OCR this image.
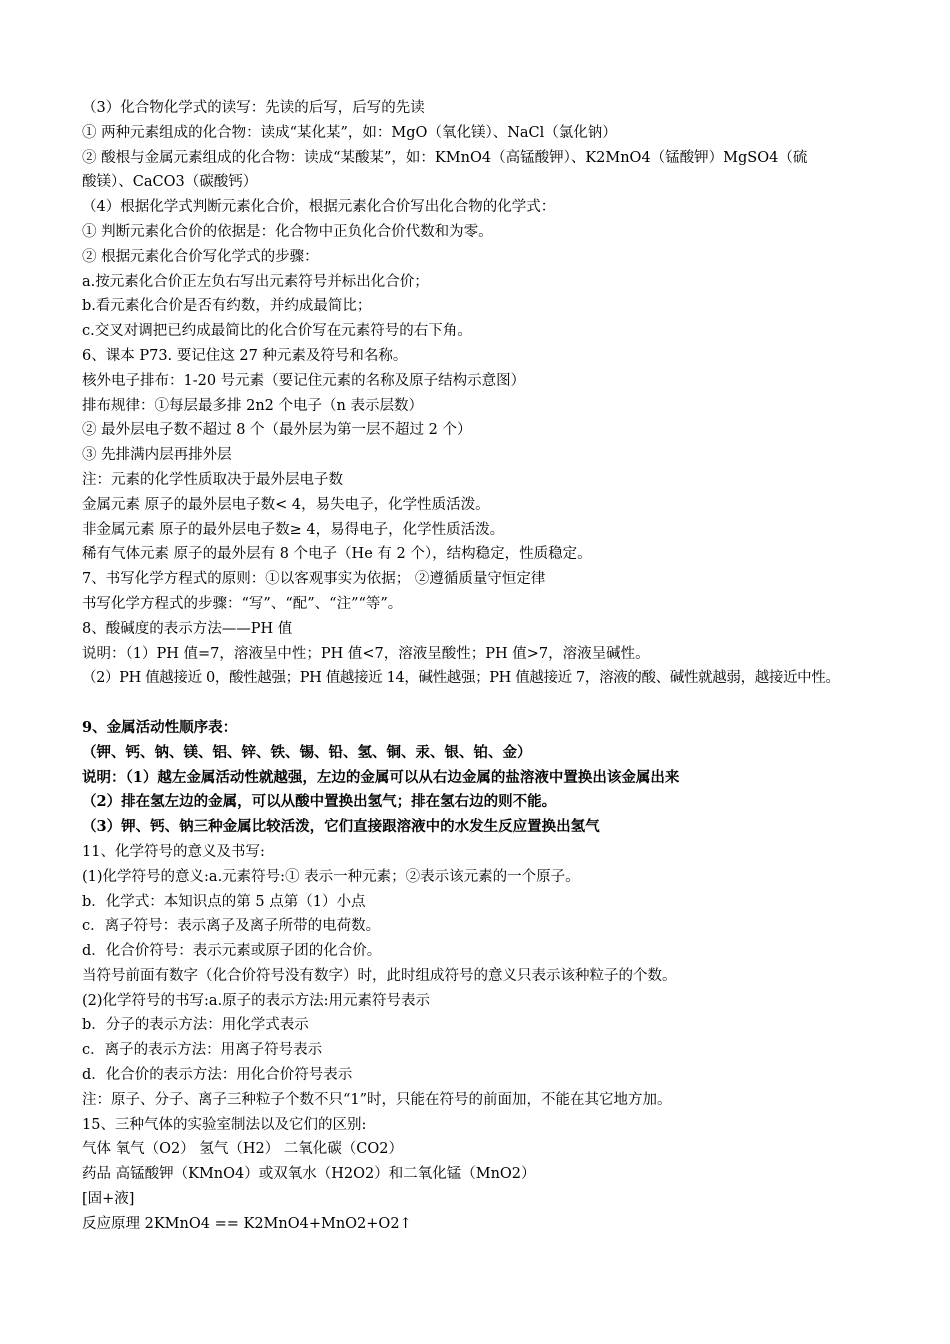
（3）化合物化学式的读写：先读的后写，后写的先读
① 两种元素组成的化合物：读成“某化某”，如：MgO（氧化镁）、NaCl（氯化钠）
② 酸根与金属元素组成的化合物：读成“某酸某”，如：KMnO4（高锰酸钾）、K2MnO4（锰酸钾）MgSO4（硫
酸镁）、CaCO3（碳酸钙）
（4）根据化学式判断元素化合价，根据元素化合价写出化合物的化学式：
① 判断元素化合价的依据是：化合物中正负化合价代数和为零。
② 根据元素化合价写化学式的步骤：
a.按元素化合价正左负右写出元素符号并标出化合价；
b.看元素化合价是否有约数，并约成最简比；
c.交叉对调把已约成最简比的化合价写在元素符号的右下角。
6、课本 P73. 要记住这 27 种元素及符号和名称。
核外电子排布：1-20 号元素（要记住元素的名称及原子结构示意图）
排布规律：①每层最多排 2n2 个电子（n 表示层数）
② 最外层电子数不超过 8 个（最外层为第一层不超过 2 个）
③ 先排满内层再排外层
注：元素的化学性质取决于最外层电子数
金属元素 原子的最外层电子数< 4，易失电子，化学性质活泼。
非金属元素 原子的最外层电子数≥ 4，易得电子，化学性质活泼。
稀有气体元素 原子的最外层有 8 个电子（He 有 2 个），结构稳定，性质稳定。
7、书写化学方程式的原则：①以客观事实为依据； ②遵循质量守恒定律
书写化学方程式的步骤：“写”、“配”、“注”“等”。
8、酸碱度的表示方法——PH 值
说明：（1）PH 值=7，溶液呈中性；PH 值<7，溶液呈酸性；PH 值>7，溶液呈碱性。
（2）PH 值越接近 0，酸性越强；PH 值越接近 14，碱性越强；PH 值越接近 7，溶液的酸、碱性就越弱，越接近中性。
9、金属活动性顺序表：
（钾、钙、钠、镁、铝、锌、铁、锡、铅、氢、铜、汞、银、铂、金）
说明：（1）越左金属活动性就越强，左边的金属可以从右边金属的盐溶液中置换出该金属出来
（2）排在氢左边的金属，可以从酸中置换出氢气；排在氢右边的则不能。
（3）钾、钙、钠三种金属比较活泼，它们直接跟溶液中的水发生反应置换出氢气
11、化学符号的意义及书写:
(1)化学符号的意义:a.元素符号:① 表示一种元素；②表示该元素的一个原子。
b．化学式：本知识点的第 5 点第（1）小点
c．离子符号：表示离子及离子所带的电荷数。
d．化合价符号：表示元素或原子团的化合价。
当符号前面有数字（化合价符号没有数字）时，此时组成符号的意义只表示该种粒子的个数。
(2)化学符号的书写:a.原子的表示方法:用元素符号表示
b．分子的表示方法：用化学式表示
c．离子的表示方法：用离子符号表示
d．化合价的表示方法：用化合价符号表示
注：原子、分子、离子三种粒子个数不只“1”时，只能在符号的前面加，不能在其它地方加。
15、三种气体的实验室制法以及它们的区别:
气体 氧气（O2） 氢气（H2） 二氧化碳（CO2）
药品 高锰酸钾（KMnO4）或双氧水（H2O2）和二氧化锰（MnO2）
[固+液]
反应原理 2KMnO4 == K2MnO4+MnO2+O2↑
